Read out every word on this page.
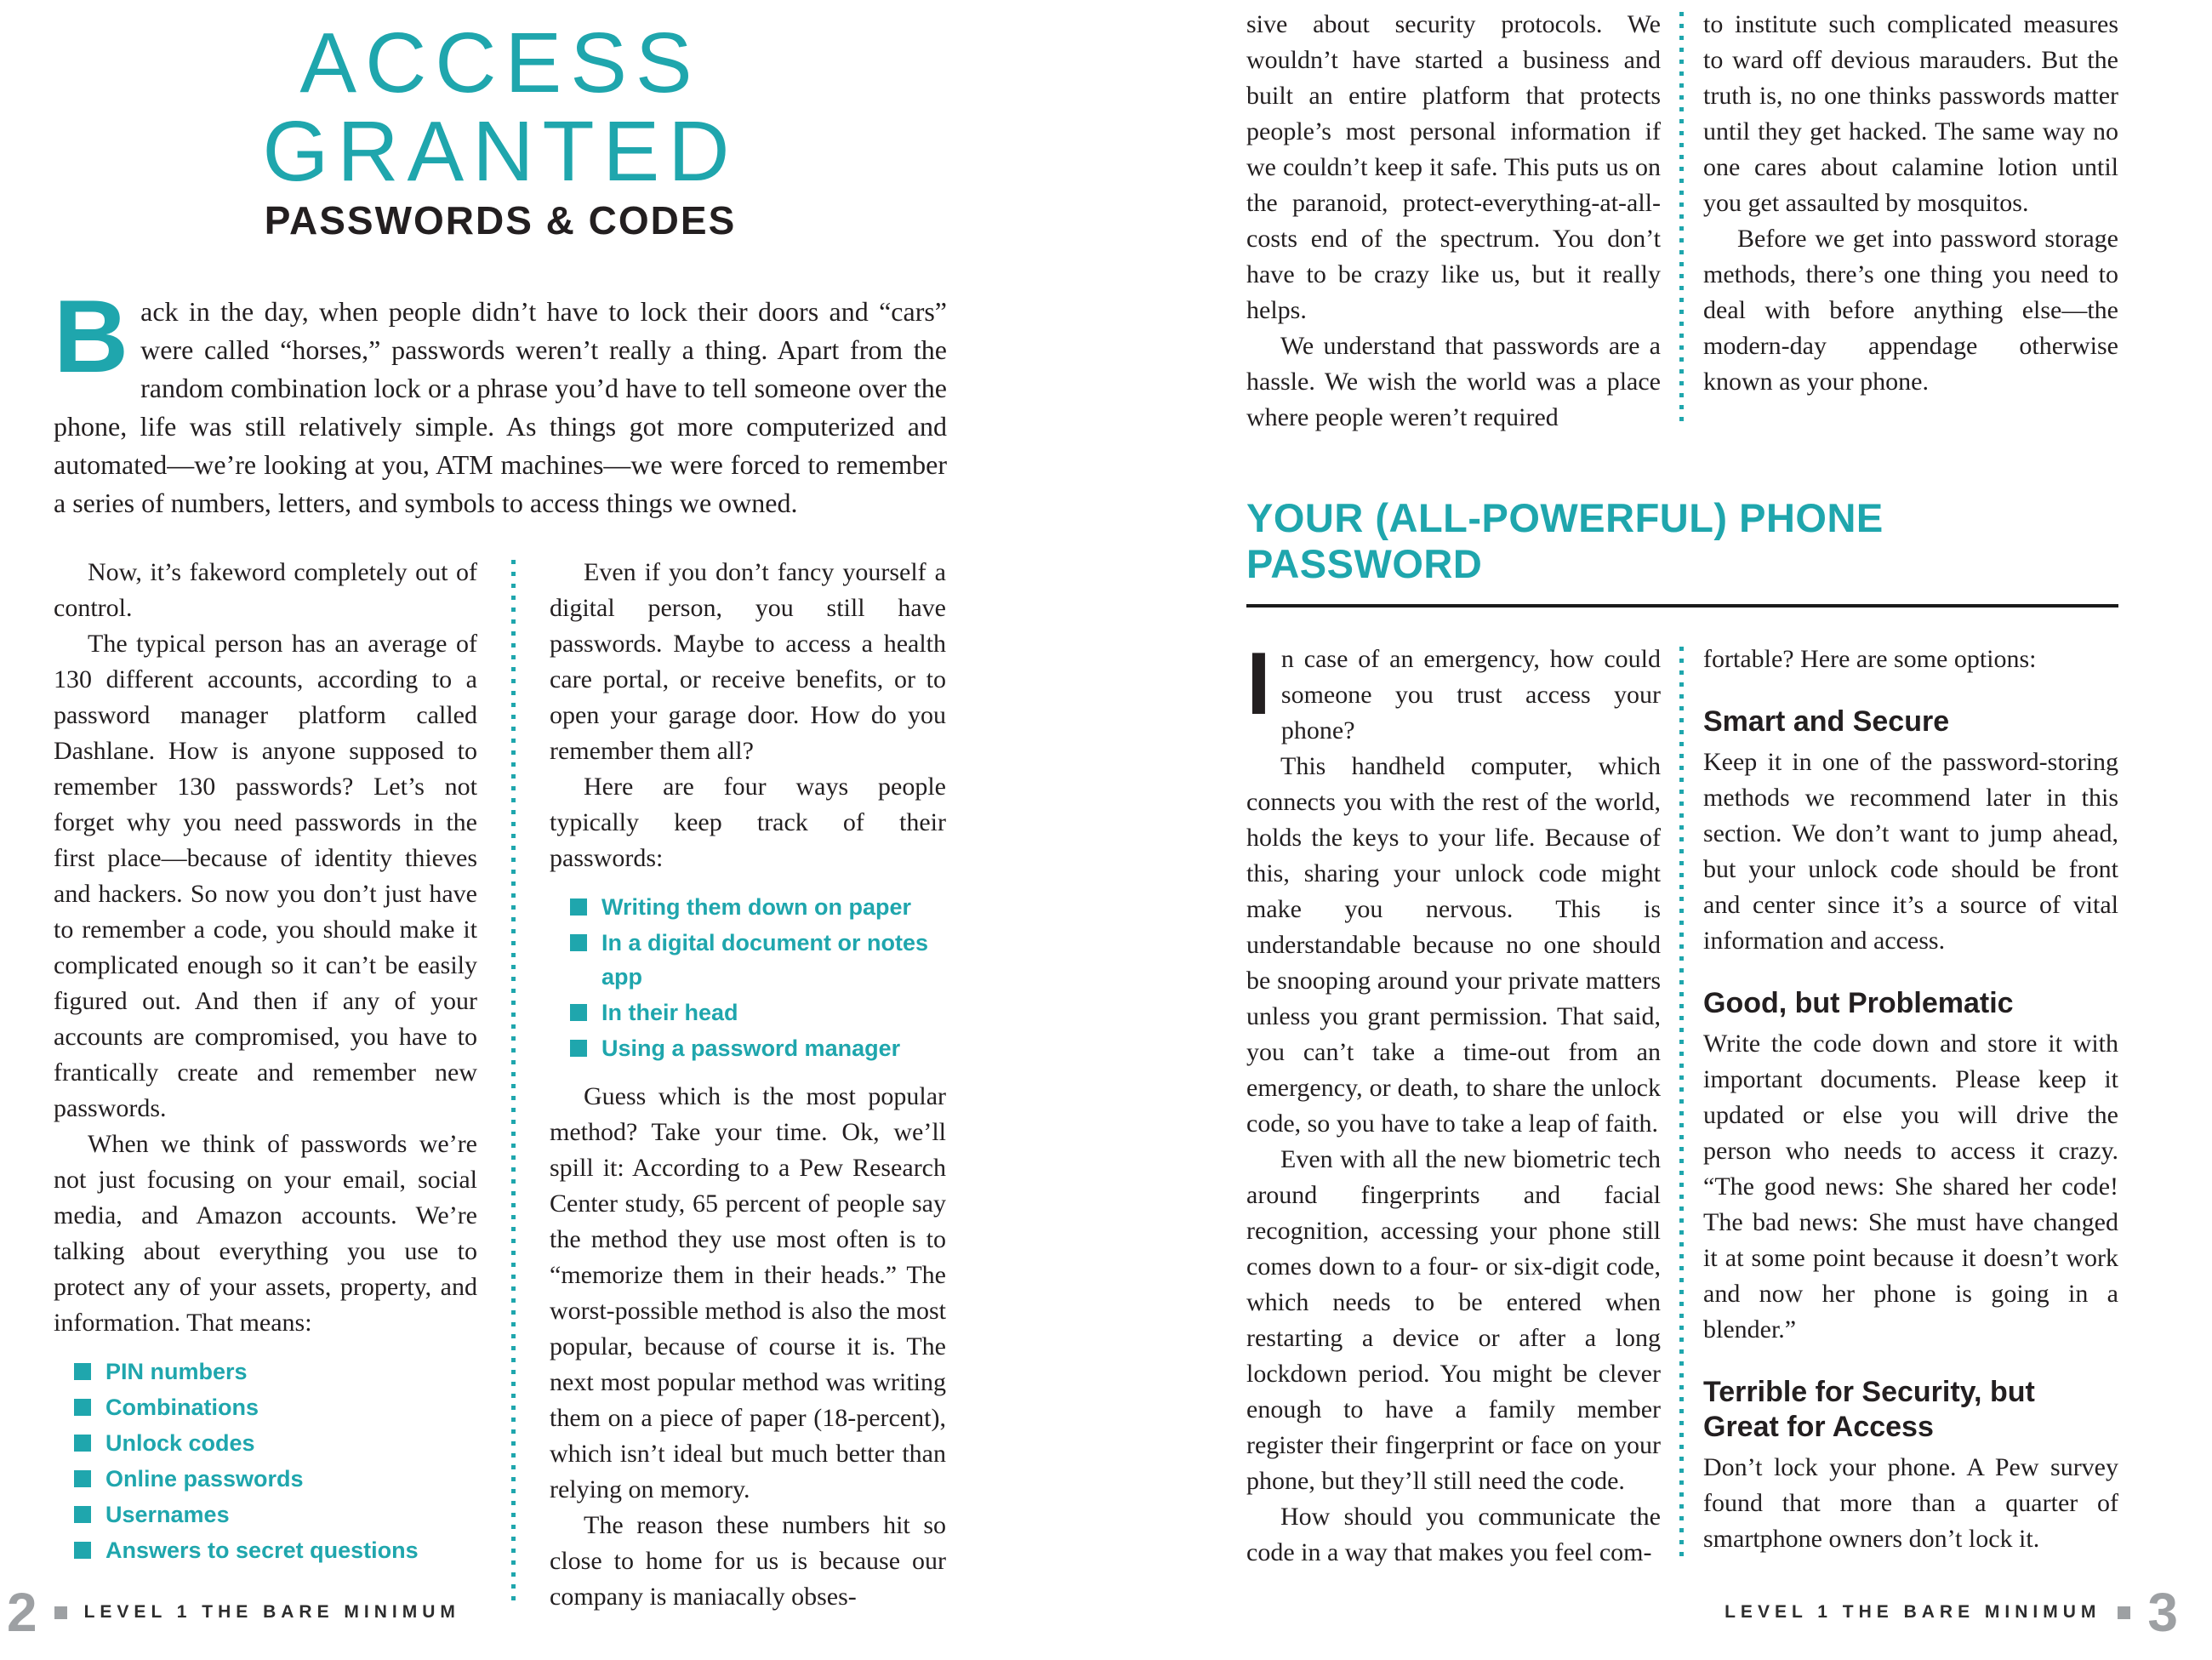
ACCESS GRANTED
PASSWORDS & CODES

Back in the day, when people didn’t have to lock their doors and “cars” were called “horses,” passwords weren’t really a thing. Apart from the random combination lock or a phrase you’d have to tell someone over the phone, life was still relatively simple. As things got more computerized and automated—we’re looking at you, ATM machines—we were forced to remember a series of numbers, letters, and symbols to access things we owned.

Now, it’s fakeword completely out of control.

The typical person has an average of 130 different accounts, according to a password manager platform called Dashlane. How is anyone supposed to remember 130 passwords? Let’s not forget why you need passwords in the first place—because of identity thieves and hackers. So now you don’t just have to remember a code, you should make it complicated enough so it can’t be easily figured out. And then if any of your accounts are compromised, you have to frantically create and remember new passwords.

When we think of passwords we’re not just focusing on your email, social media, and Amazon accounts. We’re talking about everything you use to protect any of your assets, property, and information. That means:

PIN numbers
Combinations
Unlock codes
Online passwords
Usernames
Answers to secret questions

Even if you don’t fancy yourself a digital person, you still have passwords. Maybe to access a health care portal, or receive benefits, or to open your garage door. How do you remember them all?

Here are four ways people typically keep track of their passwords:

Writing them down on paper
In a digital document or notes app
In their head
Using a password manager

Guess which is the most popular method? Take your time. Ok, we’ll spill it: According to a Pew Research Center study, 65 percent of people say the method they use most often is to “memorize them in their heads.” The worst-possible method is also the most popular, because of course it is. The next most popular method was writing them on a piece of paper (18-percent), which isn’t ideal but much better than relying on memory.

The reason these numbers hit so close to home for us is because our company is maniacally obses-

sive about security protocols. We wouldn’t have started a business and built an entire platform that protects people’s most personal information if we couldn’t keep it safe. This puts us on the paranoid, protect-everything-at-all-costs end of the spectrum. You don’t have to be crazy like us, but it really helps.

We understand that passwords are a hassle. We wish the world was a place where people weren’t required

to institute such complicated measures to ward off devious marauders. But the truth is, no one thinks passwords matter until they get hacked. The same way no one cares about calamine lotion until you get assaulted by mosquitos.

Before we get into password storage methods, there’s one thing you need to deal with before anything else—the modern-day appendage otherwise known as your phone.

YOUR (ALL-POWERFUL) PHONE PASSWORD

In case of an emergency, how could someone you trust access your phone?

This handheld computer, which connects you with the rest of the world, holds the keys to your life. Because of this, sharing your unlock code might make you nervous. This is understandable because no one should be snooping around your private matters unless you grant permission. That said, you can’t take a time-out from an emergency, or death, to share the unlock code, so you have to take a leap of faith.

Even with all the new biometric tech around fingerprints and facial recognition, accessing your phone still comes down to a four- or six-digit code, which needs to be entered when restarting a device or after a long lockdown period. You might be clever enough to have a family member register their fingerprint or face on your phone, but they’ll still need the code.

How should you communicate the code in a way that makes you feel com-

fortable? Here are some options:

Smart and Secure

Keep it in one of the password-storing methods we recommend later in this section. We don’t want to jump ahead, but your unlock code should be front and center since it’s a source of vital information and access.

Good, but Problematic

Write the code down and store it with important documents. Please keep it updated or else you will drive the person who needs to access it crazy. “The good news: She shared her code! The bad news: She must have changed it at some point because it doesn’t work and now her phone is going in a blender.”

Terrible for Security, but Great for Access

Don’t lock your phone. A Pew survey found that more than a quarter of smartphone owners don’t lock it.

2	LEVEL 1 THE BARE MINIMUM	LEVEL 1 THE BARE MINIMUM 3
